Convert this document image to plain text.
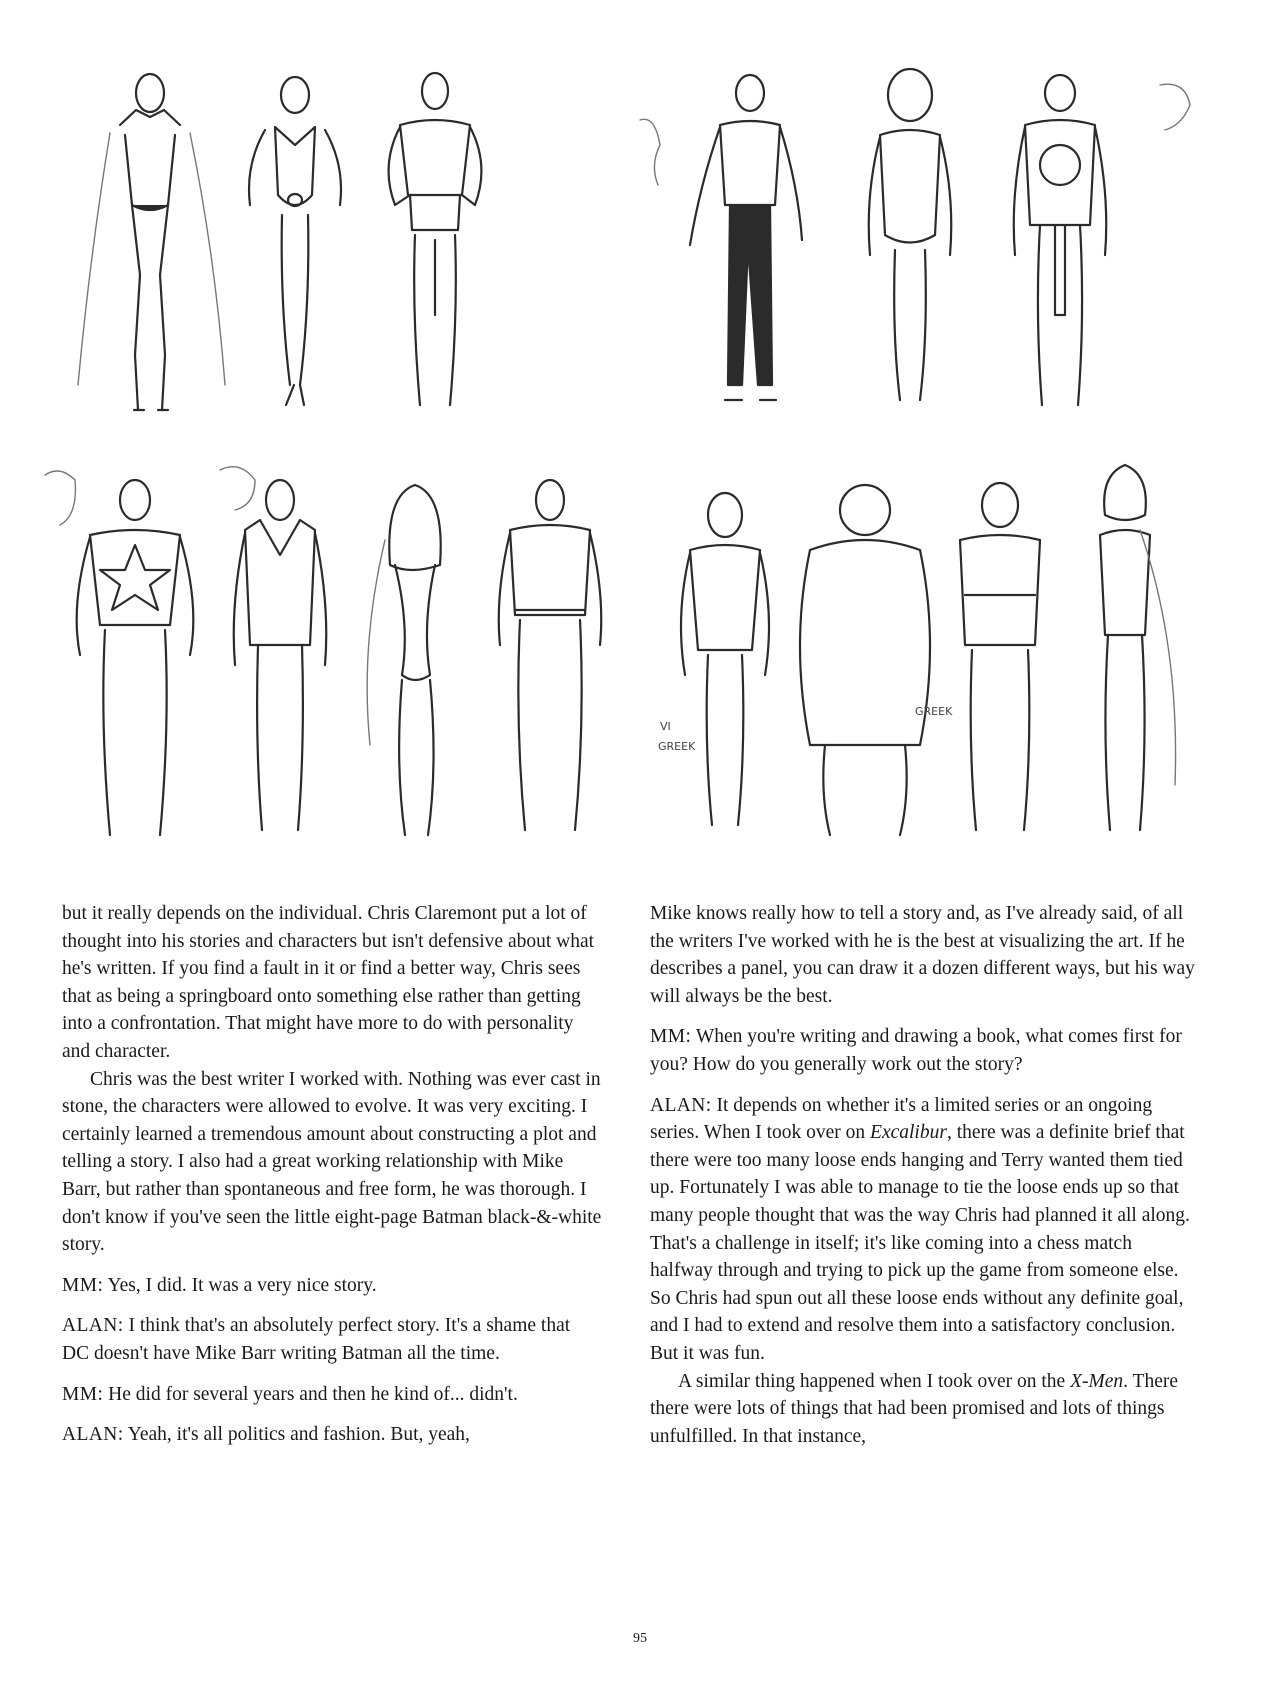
VI
GREEK
GREEK

but it really depends on the individual. Chris Claremont put a lot of thought into his stories and characters but isn't defensive about what he's written. If you find a fault in it or find a better way, Chris sees that as being a springboard onto something else rather than getting into a confrontation. That might have more to do with personality and character.

Chris was the best writer I worked with. Nothing was ever cast in stone, the characters were allowed to evolve. It was very exciting. I certainly learned a tremendous amount about constructing a plot and telling a story. I also had a great working relationship with Mike Barr, but rather than spontaneous and free form, he was thorough. I don't know if you've seen the little eight-page Batman black-&-white story.

MM: Yes, I did. It was a very nice story.

ALAN: I think that's an absolutely perfect story. It's a shame that DC doesn't have Mike Barr writing Batman all the time.

MM: He did for several years and then he kind of... didn't.

ALAN: Yeah, it's all politics and fashion. But, yeah,

Mike knows really how to tell a story and, as I've already said, of all the writers I've worked with he is the best at visualizing the art. If he describes a panel, you can draw it a dozen different ways, but his way will always be the best.

MM: When you're writing and drawing a book, what comes first for you? How do you generally work out the story?

ALAN: It depends on whether it's a limited series or an ongoing series. When I took over on Excalibur, there was a definite brief that there were too many loose ends hanging and Terry wanted them tied up. Fortunately I was able to manage to tie the loose ends up so that many people thought that was the way Chris had planned it all along. That's a challenge in itself; it's like coming into a chess match halfway through and trying to pick up the game from someone else. So Chris had spun out all these loose ends without any definite goal, and I had to extend and resolve them into a satisfactory conclusion. But it was fun.

A similar thing happened when I took over on the X-Men. There there were lots of things that had been promised and lots of things unfulfilled. In that instance,

95
